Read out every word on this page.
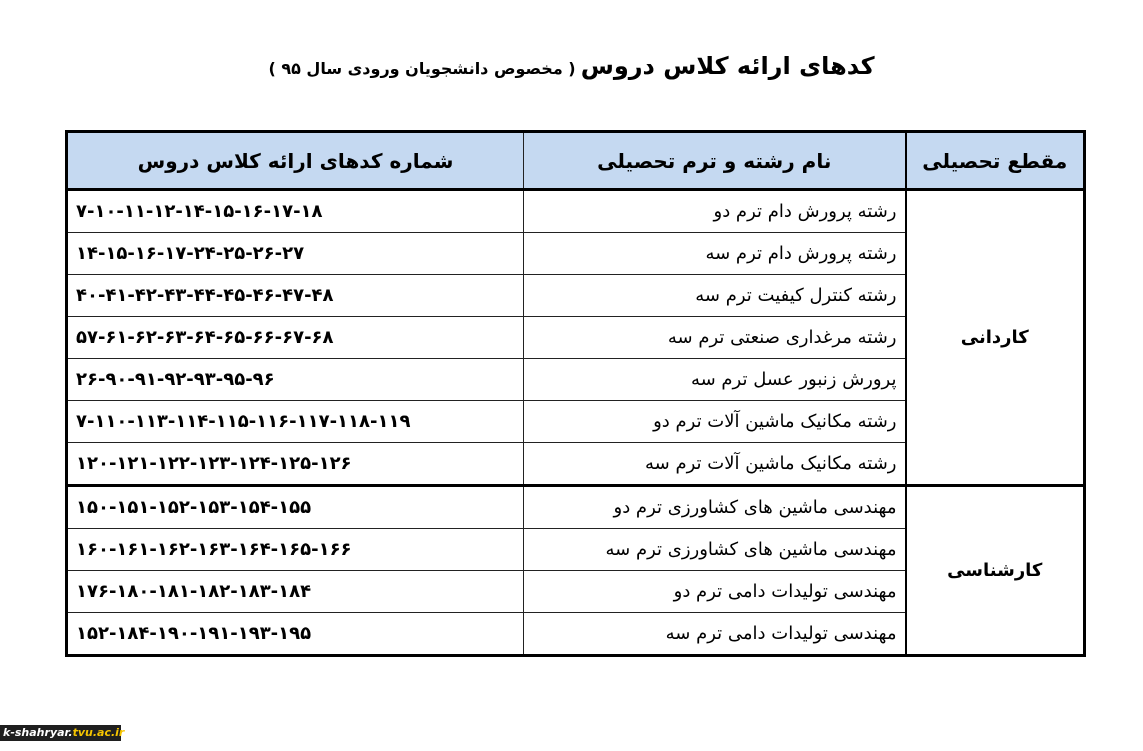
کدهای ارائه کلاس دروس ( مخصوص دانشجویان ورودی سال ۹۵ )
مقطع تحصیلی	نام رشته و ترم تحصیلی	شماره کدهای ارائه کلاس دروس
کاردانی	رشته پرورش دام ترم دو	۷-۱۰-۱۱-۱۲-۱۴-۱۵-۱۶-۱۷-۱۸
	رشته پرورش دام ترم سه	۱۴-۱۵-۱۶-۱۷-۲۴-۲۵-۲۶-۲۷
	رشته کنترل کیفیت ترم سه	۴۰-۴۱-۴۲-۴۳-۴۴-۴۵-۴۶-۴۷-۴۸
	رشته مرغداری صنعتی ترم سه	۵۷-۶۱-۶۲-۶۳-۶۴-۶۵-۶۶-۶۷-۶۸
	پرورش زنبور عسل ترم سه	۲۶-۹۰-۹۱-۹۲-۹۳-۹۵-۹۶
	رشته مکانیک ماشین آلات ترم دو	۷-۱۱۰-۱۱۳-۱۱۴-۱۱۵-۱۱۶-۱۱۷-۱۱۸-۱۱۹
	رشته مکانیک ماشین آلات ترم سه	۱۲۰-۱۲۱-۱۲۲-۱۲۳-۱۲۴-۱۲۵-۱۲۶
کارشناسی	مهندسی ماشین های کشاورزی ترم دو	۱۵۰-۱۵۱-۱۵۲-۱۵۳-۱۵۴-۱۵۵
	مهندسی ماشین های کشاورزی ترم سه	۱۶۰-۱۶۱-۱۶۲-۱۶۳-۱۶۴-۱۶۵-۱۶۶
	مهندسی تولیدات دامی ترم دو	۱۷۶-۱۸۰-۱۸۱-۱۸۲-۱۸۳-۱۸۴
	مهندسی تولیدات دامی ترم سه	۱۵۲-۱۸۴-۱۹۰-۱۹۱-۱۹۳-۱۹۵
k-shahryar.tvu.ac.ir
